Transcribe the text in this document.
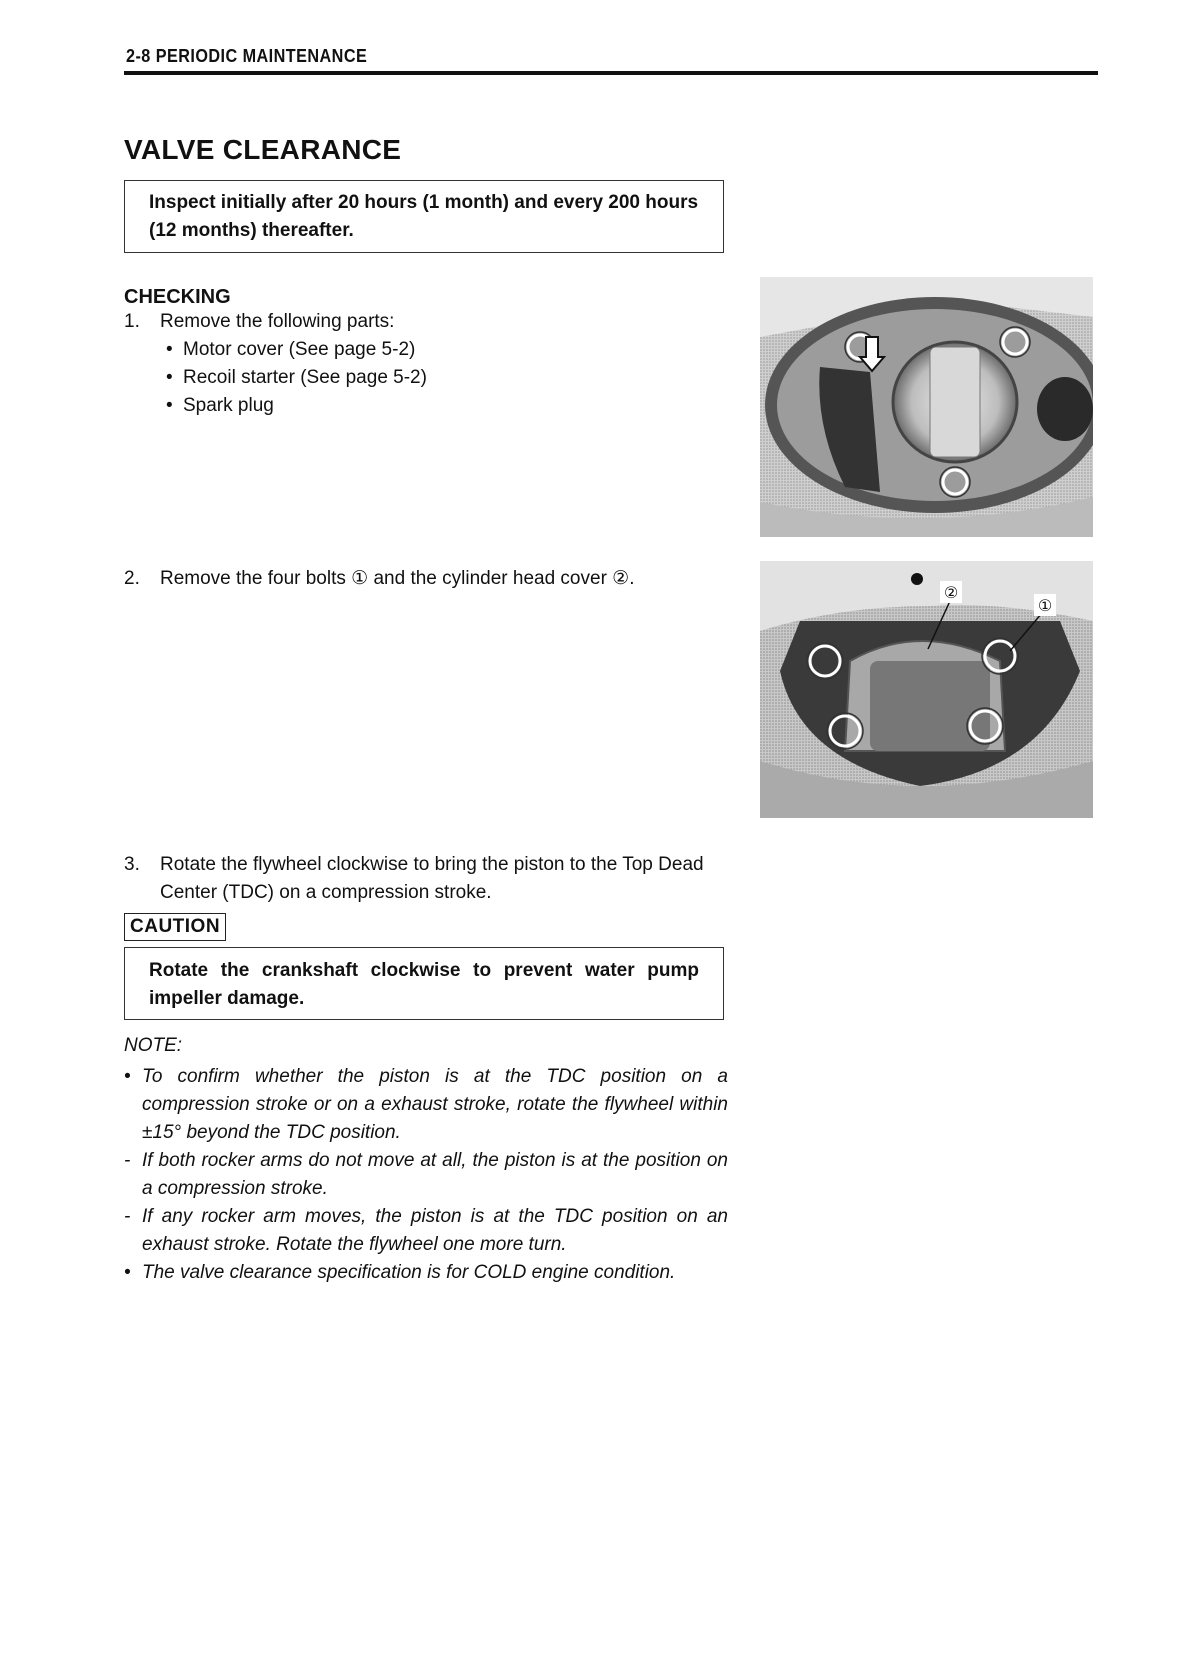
2-8 PERIODIC MAINTENANCE
VALVE CLEARANCE
Inspect initially after 20 hours (1 month) and every 200 hours (12 months) thereafter.
CHECKING
1.	Remove the following parts:
• Motor cover (See page 5-2)
• Recoil starter (See page 5-2)
• Spark plug
2.	Remove the four bolts ① and the cylinder head cover ②.
3.	Rotate the flywheel clockwise to bring the piston to the Top Dead Center (TDC) on a compression stroke.
CAUTION
Rotate the crankshaft clockwise to prevent water pump impeller damage.
NOTE:
• To confirm whether the piston is at the TDC position on a compression stroke or on a exhaust stroke, rotate the flywheel within ±15° beyond the TDC position.
- If both rocker arms do not move at all, the piston is at the position on a compression stroke.
- If any rocker arm moves, the piston is at the TDC position on an exhaust stroke. Rotate the flywheel one more turn.
• The valve clearance specification is for COLD engine condition.
②
①
